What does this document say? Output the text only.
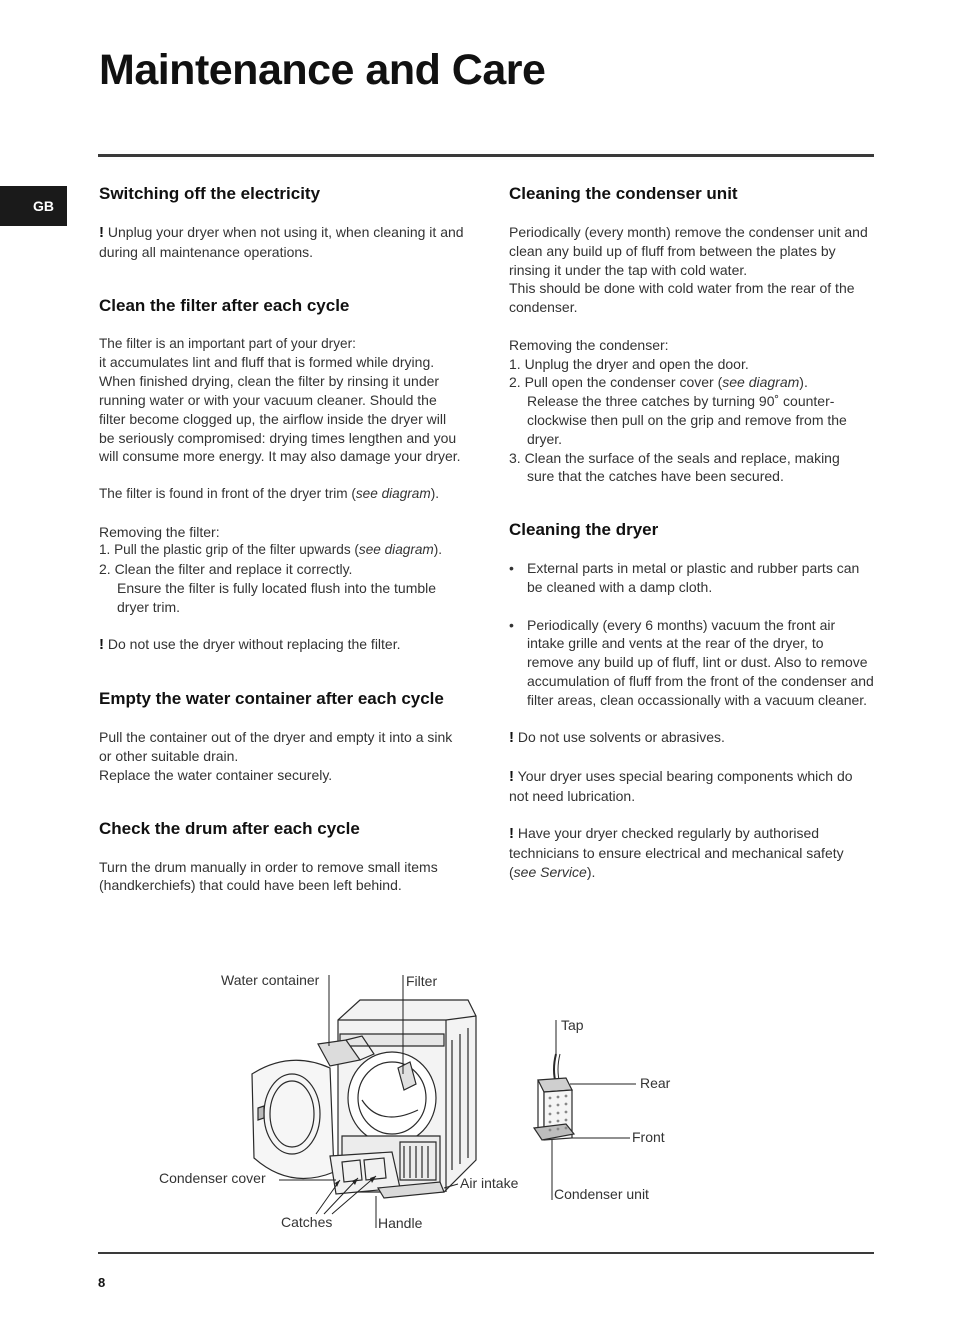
Maintenance and Care
GB
Switching off the electricity

! Unplug your dryer when not using it, when cleaning it and during all maintenance operations.

Clean the filter after each cycle

The filter is an important part of your dryer:

it accumulates lint and fluff that is formed while drying. When finished drying, clean the filter by rinsing it under running water or with your vacuum cleaner. Should the filter become clogged up, the airflow inside the dryer will be seriously compromised: drying times lengthen and you will consume more energy. It may also damage your dryer.

The filter is found in front of the dryer trim (see diagram).

Removing the filter:

1. Pull the plastic grip of the filter upwards (see diagram).

2. Clean the filter and replace it correctly.

Ensure the filter is fully located flush into the tumble dryer trim.

! Do not use the dryer without replacing the filter.

Empty the water container after each cycle

Pull the container out of the dryer and empty it into a sink or other suitable drain.

Replace the water container securely.

Check the drum after each cycle

Turn the drum manually in order to remove small items (handkerchiefs) that could have been left behind.

Cleaning the condenser unit

Periodically (every month) remove the condenser unit and clean any build up of fluff from between the plates by rinsing it under the tap with cold water.

This should be done with cold water from the rear of the condenser.

Removing the condenser:

1. Unplug the dryer and open the door.

2. Pull open the condenser cover (see diagram).

Release the three catches by turning 90˚ counter-clockwise then pull on the grip and remove from the dryer.

3. Clean the surface of the seals and replace, making

sure that the catches have been secured.

Cleaning the dryer
• External parts in metal or plastic and rubber parts can be cleaned with a damp cloth.
• Periodically (every 6 months) vacuum the front air intake grille and vents at the rear of the dryer, to remove any build up of fluff, lint or dust. Also to remove accumulation of fluff from the front of the condenser and filter areas, clean occassionally with a vacuum cleaner.

! Do not use solvents or abrasives.

! Your dryer uses special bearing components which do not need lubrication.

! Have your dryer checked regularly by authorised technicians to ensure electrical and mechanical safety (see Service).

Water container	Filter
Tap
Rear
Front
Condenser cover	Air intake
Condenser unit
Catches	Handle
8
